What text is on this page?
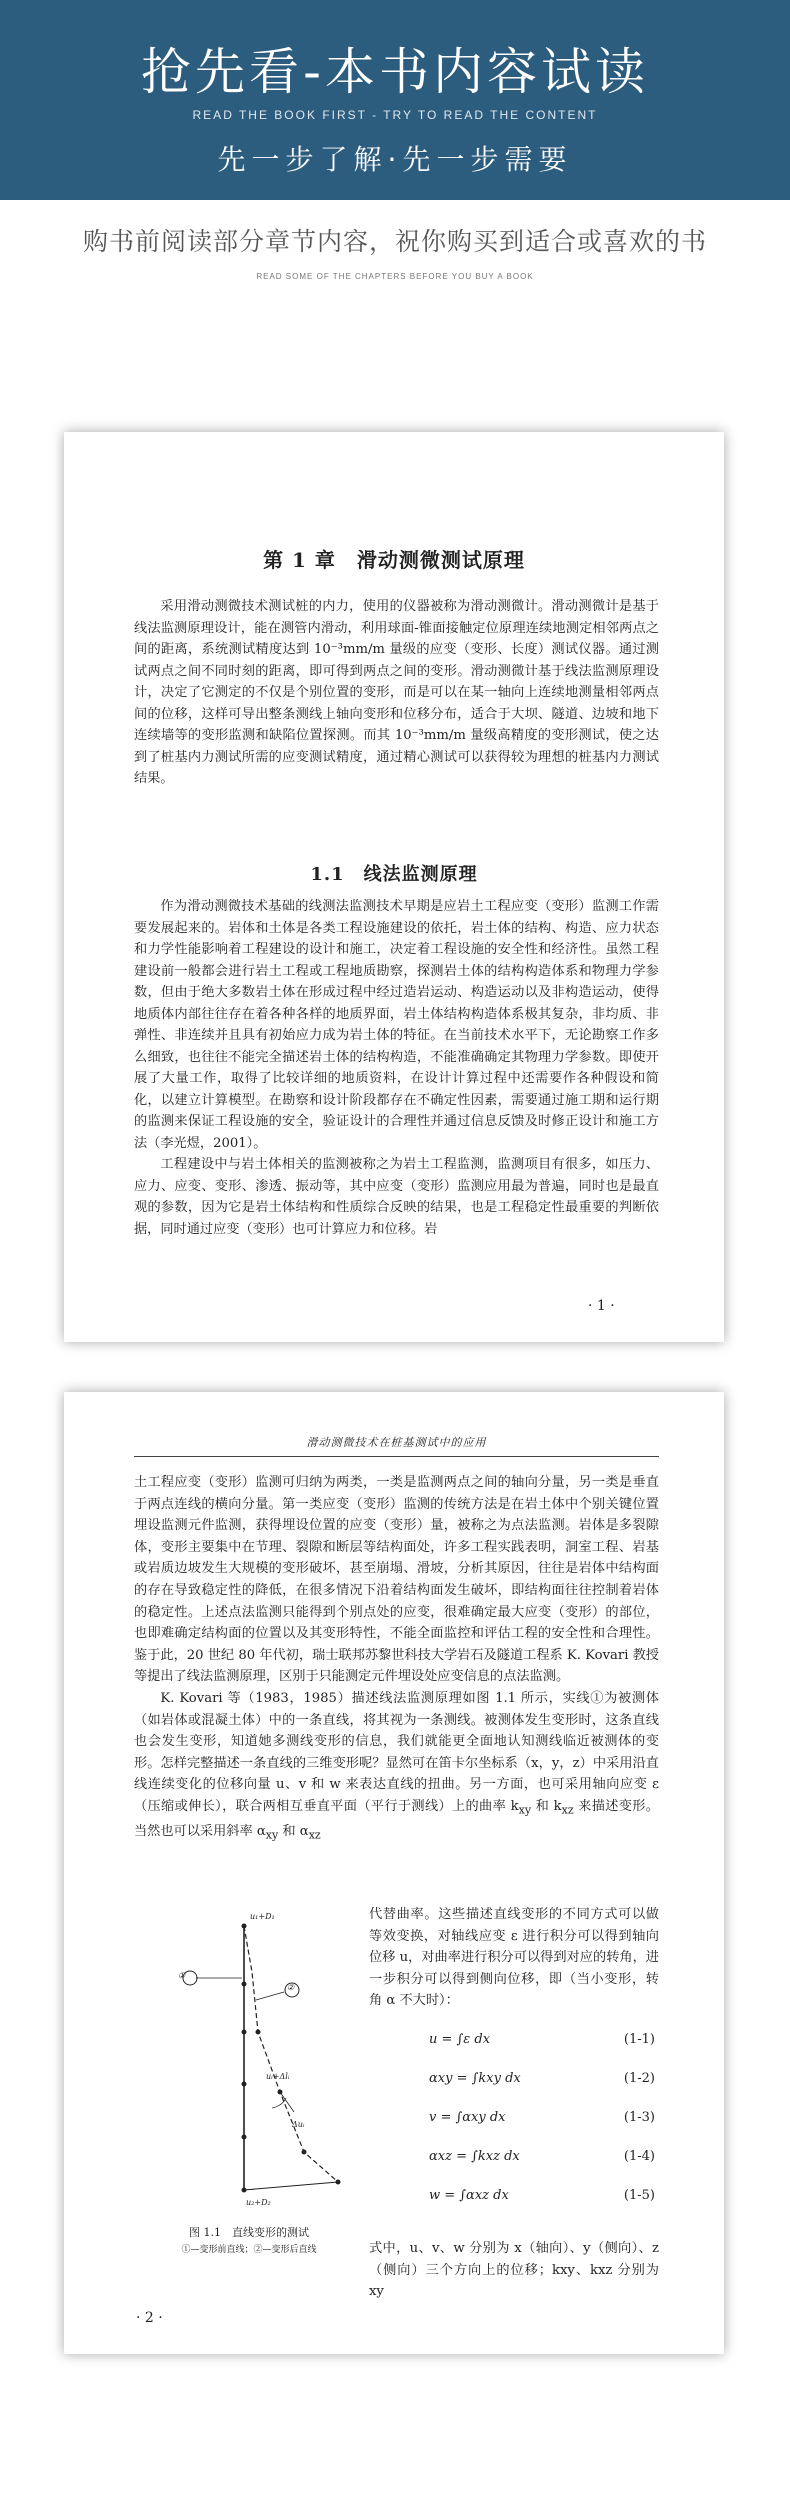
抢先看-本书内容试读
READ THE BOOK FIRST - TRY TO READ THE CONTENT
先一步了解·先一步需要
购书前阅读部分章节内容，祝你购买到适合或喜欢的书
READ SOME OF THE CHAPTERS BEFORE YOU BUY A BOOK
第 1 章　滑动测微测试原理

采用滑动测微技术测试桩的内力，使用的仪器被称为滑动测微计。滑动测微计是基于线法监测原理设计，能在测管内滑动，利用球面-锥面接触定位原理连续地测定相邻两点之间的距离，系统测试精度达到 10⁻³mm/m 量级的应变（变形、长度）测试仪器。通过测试两点之间不同时刻的距离，即可得到两点之间的变形。滑动测微计基于线法监测原理设计，决定了它测定的不仅是个别位置的变形，而是可以在某一轴向上连续地测量相邻两点间的位移，这样可导出整条测线上轴向变形和位移分布，适合于大坝、隧道、边坡和地下连续墙等的变形监测和缺陷位置探测。而其 10⁻³mm/m 量级高精度的变形测试，使之达到了桩基内力测试所需的应变测试精度，通过精心测试可以获得较为理想的桩基内力测试结果。

1.1　线法监测原理

作为滑动测微技术基础的线测法监测技术早期是应岩土工程应变（变形）监测工作需要发展起来的。岩体和土体是各类工程设施建设的依托，岩土体的结构、构造、应力状态和力学性能影响着工程建设的设计和施工，决定着工程设施的安全性和经济性。虽然工程建设前一般都会进行岩土工程或工程地质勘察，探测岩土体的结构构造体系和物理力学参数，但由于绝大多数岩土体在形成过程中经过造岩运动、构造运动以及非构造运动，使得地质体内部往往存在着各种各样的地质界面，岩土体结构构造体系极其复杂，非均质、非弹性、非连续并且具有初始应力成为岩土体的特征。在当前技术水平下，无论勘察工作多么细致，也往往不能完全描述岩土体的结构构造，不能准确确定其物理力学参数。即使开展了大量工作，取得了比较详细的地质资料，在设计计算过程中还需要作各种假设和简化，以建立计算模型。在勘察和设计阶段都存在不确定性因素，需要通过施工期和运行期的监测来保证工程设施的安全，验证设计的合理性并通过信息反馈及时修正设计和施工方法（李光煜，2001）。

工程建设中与岩土体相关的监测被称之为岩土工程监测，监测项目有很多，如压力、应力、应变、变形、渗透、振动等，其中应变（变形）监测应用最为普遍，同时也是最直观的参数，因为它是岩土体结构和性质综合反映的结果，也是工程稳定性最重要的判断依据，同时通过应变（变形）也可计算应力和位移。岩

· 1 ·
滑动测微技术在桩基测试中的应用

土工程应变（变形）监测可归纳为两类，一类是监测两点之间的轴向分量，另一类是垂直于两点连线的横向分量。第一类应变（变形）监测的传统方法是在岩土体中个别关键位置埋设监测元件监测，获得埋设位置的应变（变形）量，被称之为点法监测。岩体是多裂隙体，变形主要集中在节理、裂隙和断层等结构面处，许多工程实践表明，洞室工程、岩基或岩质边坡发生大规模的变形破坏，甚至崩塌、滑坡，分析其原因，往往是岩体中结构面的存在导致稳定性的降低，在很多情况下沿着结构面发生破坏，即结构面往往控制着岩体的稳定性。上述点法监测只能得到个别点处的应变，很难确定最大应变（变形）的部位，也即难确定结构面的位置以及其变形特性，不能全面监控和评估工程的安全性和合理性。鉴于此，20 世纪 80 年代初，瑞士联邦苏黎世科技大学岩石及隧道工程系 K. Kovari 教授等提出了线法监测原理，区别于只能测定元件埋设处应变信息的点法监测。

K. Kovari 等（1983，1985）描述线法监测原理如图 1.1 所示，实线①为被测体（如岩体或混凝土体）中的一条直线，将其视为一条测线。被测体发生变形时，这条直线也会发生变形，知道她多测线变形的信息，我们就能更全面地认知测线临近被测体的变形。怎样完整描述一条直线的三维变形呢？显然可在笛卡尔坐标系（x，y，z）中采用沿直线连续变化的位移向量 u、v 和 w 来表达直线的扭曲。另一方面，也可采用轴向应变 ε（压缩或伸长），联合两相互垂直平面（平行于测线）上的曲率 $k_{xy}$ 和 $k_{xz}$ 来描述变形。当然也可以采用斜率 $\alpha_{xy}$ 和 $\alpha_{xz}$

①
②
u₁+D₁
uᵢ+Δlᵢ
Δuᵢ
u₂+D₂
图 1.1　直线变形的测试
①—变形前直线；②—变形后直线
代替曲率。这些描述直线变形的不同方式可以做等效变换，对轴线应变 ε 进行积分可以得到轴向位移 u，对曲率进行积分可以得到对应的转角，进一步积分可以得到侧向位移，即（当小变形，转角 α 不大时）：
u = ∫ε dx	(1-1)
αxy = ∫kxy dx	(1-2)
v = ∫αxy dx	(1-3)
αxz = ∫kxz dx	(1-4)
w = ∫αxz dx	(1-5)
式中，u、v、w 分别为 x（轴向）、y（侧向）、z（侧向）三个方向上的位移；kxy、kxz 分别为 xy
· 2 ·
